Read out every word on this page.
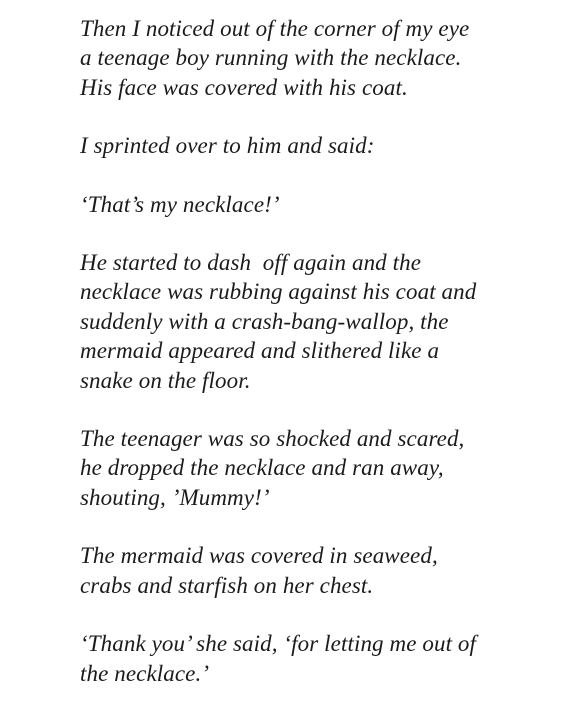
Then I noticed out of the corner of my eye
a teenage boy running with the necklace.
His face was covered with his coat.

I sprinted over to him and said:

‘That’s my necklace!’

He started to dash  off again and the
necklace was rubbing against his coat and
suddenly with a crash-bang-wallop, the
mermaid appeared and slithered like a
snake on the floor.

The teenager was so shocked and scared,
he dropped the necklace and ran away,
shouting, ’Mummy!’

The mermaid was covered in seaweed,
crabs and starfish on her chest.

‘Thank you’ she said, ‘for letting me out of
the necklace.’
